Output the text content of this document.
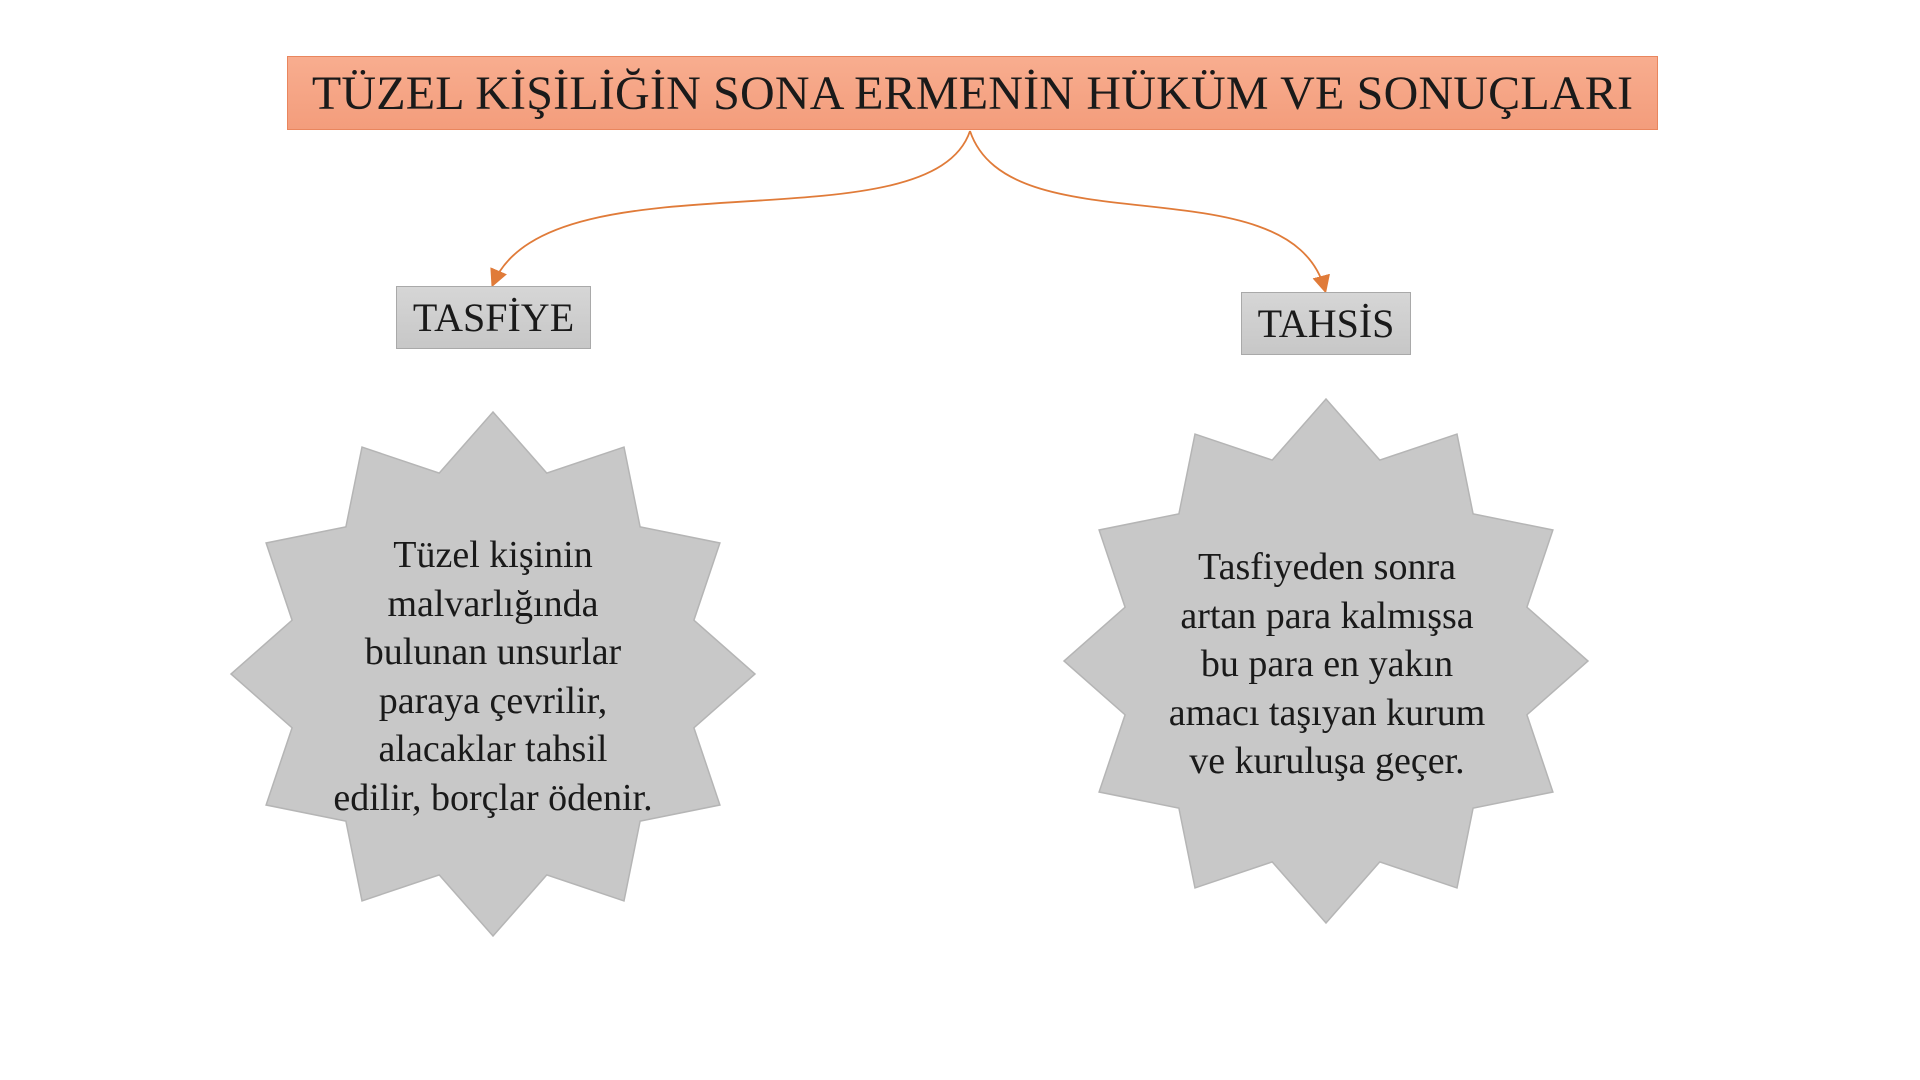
TÜZEL KİŞİLİĞİN SONA ERMENİN HÜKÜM VE SONUÇLARI
TASFİYE	TAHSİS
Tüzel kişinin
malvarlığında
bulunan unsurlar
paraya çevrilir,
alacaklar tahsil
edilir, borçlar ödenir.
Tasfiyeden sonra
artan para kalmışsa
bu para en yakın
amacı taşıyan kurum
ve kuruluşa geçer.
